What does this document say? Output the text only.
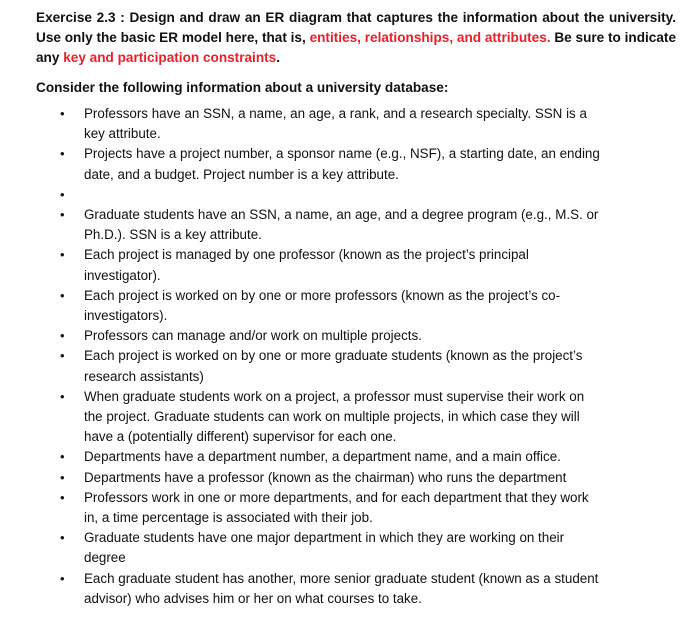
Exercise 2.3 : Design and draw an ER diagram that captures the information about the university. Use only the basic ER model here, that is, entities, relationships, and attributes. Be sure to indicate any key and participation constraints.

Consider the following information about a university database:

•	Professors have an SSN, a name, an age, a rank, and a research specialty. SSN is a key attribute.
•	Projects have a project number, a sponsor name (e.g., NSF), a starting date, an ending date, and a budget. Project number is a key attribute.
•
•	Graduate students have an SSN, a name, an age, and a degree program (e.g., M.S. or Ph.D.). SSN is a key attribute.
•	Each project is managed by one professor (known as the project’s principal investigator).
•	Each project is worked on by one or more professors (known as the project’s co-investigators).
•	Professors can manage and/or work on multiple projects.
•	Each project is worked on by one or more graduate students (known as the project’s research assistants)
•	When graduate students work on a project, a professor must supervise their work on the project. Graduate students can work on multiple projects, in which case they will have a (potentially different) supervisor for each one.
•	Departments have a department number, a department name, and a main office.
•	Departments have a professor (known as the chairman) who runs the department
•	Professors work in one or more departments, and for each department that they work in, a time percentage is associated with their job.
•	Graduate students have one major department in which they are working on their degree
•	Each graduate student has another, more senior graduate student (known as a student advisor) who advises him or her on what courses to take.
